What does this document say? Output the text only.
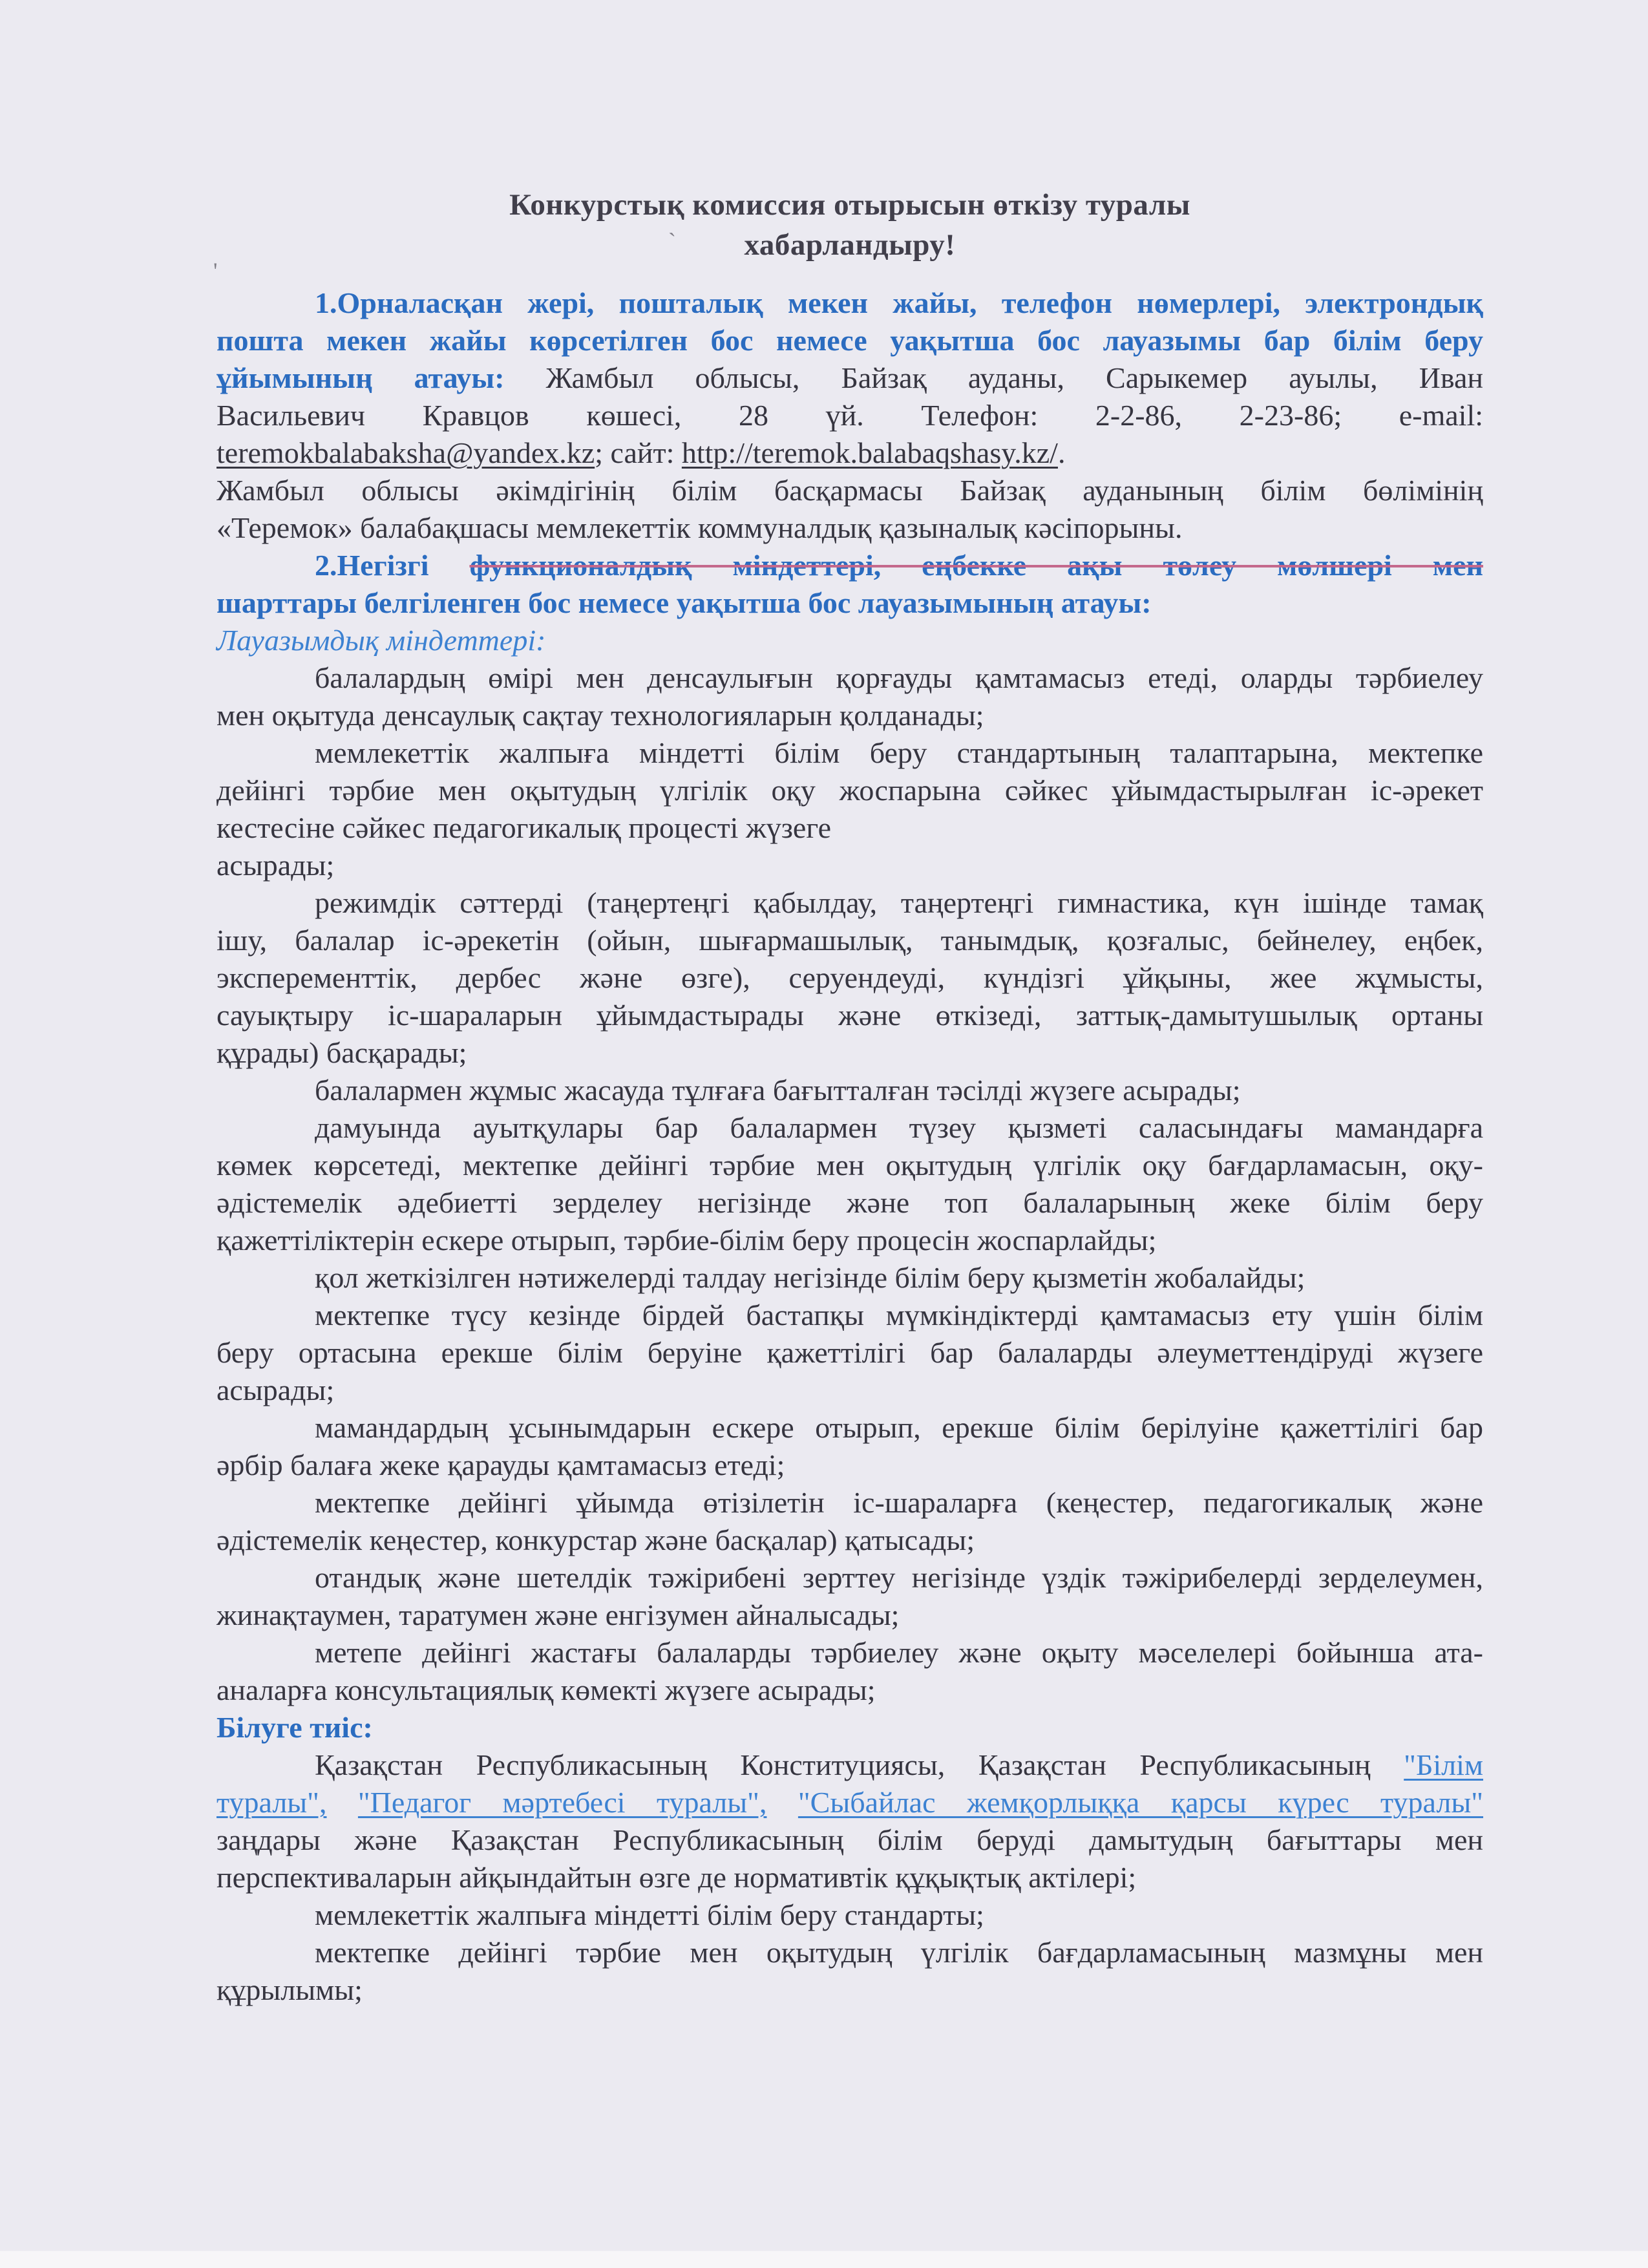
`
'
Конкурстық комиссия отырысын өткізу туралы
хабарландыру!
1.Орналасқан жері, пошталық мекен жайы, телефон нөмерлері, электрондық
пошта мекен жайы көрсетілген бос немесе уақытша бос лауазымы бар білім беру
ұйымының атауы: Жамбыл облысы, Байзақ ауданы, Сарыкемер ауылы, Иван
Васильевич Кравцов көшесі, 28 үй. Телефон: 2-2-86, 2-23-86; e-mail:
teremokbalabaksha@yandex.kz; сайт: http://teremok.balabaqshasy.kz/.
Жамбыл облысы әкімдігінің білім басқармасы Байзақ ауданының білім бөлімінің
«Теремок» балабақшасы мемлекеттік коммуналдық қазыналық кәсіпорыны.
2.Негізгі функционалдық міндеттері, еңбекке ақы төлеу мөлшері мен
шарттары белгіленген бос немесе уақытша бос лауазымының атауы:
Лауазымдық міндеттері:
балалардың өмірі мен денсаулығын қорғауды қамтамасыз етеді, оларды тәрбиелеу
мен оқытуда денсаулық сақтау технологияларын қолданады;
мемлекеттік жалпыға міндетті білім беру стандартының талаптарына, мектепке
дейінгі тәрбие мен оқытудың үлгілік оқу жоспарына сәйкес ұйымдастырылған іс-әрекет
кестесіне сәйкес педагогикалық процесті жүзеге
асырады;
режимдік сәттерді (таңертеңгі қабылдау, таңертеңгі гимнастика, күн ішінде тамақ
ішу, балалар іс-әрекетін (ойын, шығармашылық, танымдық, қозғалыс, бейнелеу, еңбек,
эксперементтік, дербес және өзге), серуендеуді, күндізгі ұйқыны, жее жұмысты,
сауықтыру іс-шараларын ұйымдастырады және өткізеді, заттық-дамытушылық ортаны
құрады) басқарады;
балалармен жұмыс жасауда тұлғаға бағытталған тәсілді жүзеге асырады;
дамуында ауытқулары бар балалармен түзеу қызметі саласындағы мамандарға
көмек көрсетеді, мектепке дейінгі тәрбие мен оқытудың үлгілік оқу бағдарламасын, оқу-
әдістемелік әдебиетті зерделеу негізінде және топ балаларының жеке білім беру
қажеттіліктерін ескере отырып, тәрбие-білім беру процесін жоспарлайды;
қол жеткізілген нәтижелерді талдау негізінде білім беру қызметін жобалайды;
мектепке түсу кезінде бірдей бастапқы мүмкіндіктерді қамтамасыз ету үшін білім
беру ортасына ерекше білім беруіне қажеттілігі бар балаларды әлеуметтендіруді жүзеге
асырады;
мамандардың ұсынымдарын ескере отырып, ерекше білім берілуіне қажеттілігі бар
әрбір балаға жеке қарауды қамтамасыз етеді;
мектепке дейінгі ұйымда өтізілетін іс-шараларға (кеңестер, педагогикалық және
әдістемелік кеңестер, конкурстар және басқалар) қатысады;
отандық және шетелдік тәжірибені зерттеу негізінде үздік тәжірибелерді зерделеумен,
жинақтаумен, таратумен және енгізумен айналысады;
метепе дейінгі жастағы балаларды тәрбиелеу және оқыту мәселелері бойынша ата-
аналарға консультациялық көмекті жүзеге асырады;
Білуге тиіс:
Қазақстан Республикасының Конституциясы, Қазақстан Республикасының "Білім
туралы", "Педагог мәртебесі туралы", "Сыбайлас жемқорлыққа қарсы күрес туралы"
заңдары және Қазақстан Республикасының білім беруді дамытудың бағыттары мен
перспективаларын айқындайтын өзге де нормативтік құқықтық актілері;
мемлекеттік жалпыға міндетті білім беру стандарты;
мектепке дейінгі тәрбие мен оқытудың үлгілік бағдарламасының мазмұны мен
құрылымы;
